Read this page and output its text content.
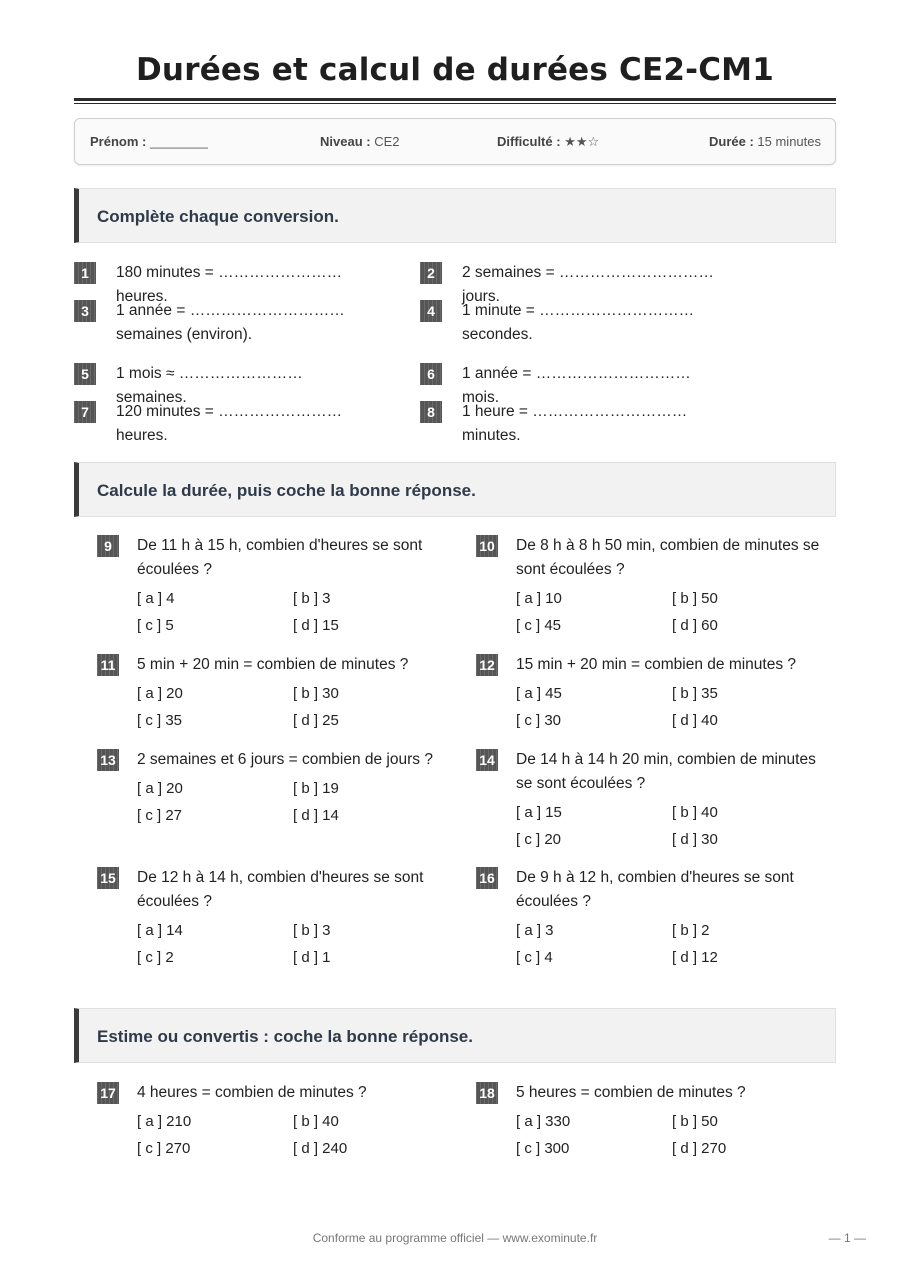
Durées et calcul de durées CE2-CM1
Prénom : ________	Niveau : CE2	Difficulté : ★★☆	Durée : 15 minutes
Complète chaque conversion.
1	180 minutes = …………………… heures.
2	2 semaines = ………………………… jours.
3	1 année = ………………………… semaines (environ).
4	1 minute = ………………………… secondes.
5	1 mois ≈ …………………… semaines.
6	1 année = ………………………… mois.
7	120 minutes = …………………… heures.
8	1 heure = ………………………… minutes.
Calcule la durée, puis coche la bonne réponse.
9	De 11 h à 15 h, combien d'heures se sont écoulées ?
[ a ] 4	[ b ] 3
[ c ] 5	[ d ] 15
10	De 8 h à 8 h 50 min, combien de minutes se sont écoulées ?
[ a ] 10	[ b ] 50
[ c ] 45	[ d ] 60
11	5 min + 20 min = combien de minutes ?
[ a ] 20	[ b ] 30
[ c ] 35	[ d ] 25
12	15 min + 20 min = combien de minutes ?
[ a ] 45	[ b ] 35
[ c ] 30	[ d ] 40
13	2 semaines et 6 jours = combien de jours ?
[ a ] 20	[ b ] 19
[ c ] 27	[ d ] 14
14	De 14 h à 14 h 20 min, combien de minutes se sont écoulées ?
[ a ] 15	[ b ] 40
[ c ] 20	[ d ] 30
15	De 12 h à 14 h, combien d'heures se sont écoulées ?
[ a ] 14	[ b ] 3
[ c ] 2	[ d ] 1
16	De 9 h à 12 h, combien d'heures se sont écoulées ?
[ a ] 3	[ b ] 2
[ c ] 4	[ d ] 12
17	4 heures = combien de minutes ?
[ a ] 210	[ b ] 40
[ c ] 270	[ d ] 240
18	5 heures = combien de minutes ?
[ a ] 330	[ b ] 50
[ c ] 300	[ d ] 270
Estime ou convertis : coche la bonne réponse.
Conforme au programme officiel — www.exominute.fr	— 1 —
